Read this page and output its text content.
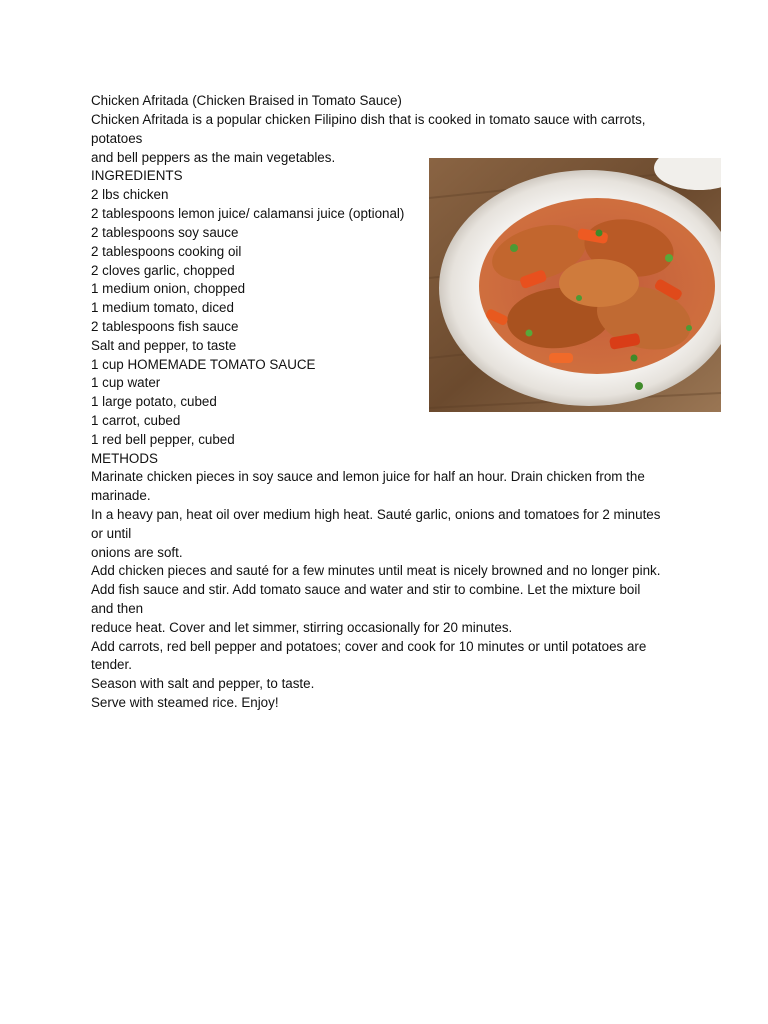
Chicken Afritada (Chicken Braised in Tomato Sauce)
Chicken Afritada is a popular chicken Filipino dish that is cooked in tomato sauce with carrots,
potatoes
and bell peppers as the main vegetables.
INGREDIENTS
2 lbs chicken
2 tablespoons lemon juice/ calamansi juice (optional)
2 tablespoons soy sauce
2 tablespoons cooking oil
2 cloves garlic, chopped
1 medium onion, chopped
1 medium tomato, diced
2 tablespoons fish sauce
Salt and pepper, to taste
1 cup HOMEMADE TOMATO SAUCE
1 cup water
1 large potato, cubed
1 carrot, cubed
1 red bell pepper, cubed
METHODS
Marinate chicken pieces in soy sauce and lemon juice for half an hour. Drain chicken from the
marinade.
In a heavy pan, heat oil over medium high heat. Sauté garlic, onions and tomatoes for 2 minutes
or until
onions are soft.
Add chicken pieces and sauté for a few minutes until meat is nicely browned and no longer pink.
Add fish sauce and stir. Add tomato sauce and water and stir to combine. Let the mixture boil
and then
reduce heat. Cover and let simmer, stirring occasionally for 20 minutes.
Add carrots, red bell pepper and potatoes; cover and cook for 10 minutes or until potatoes are
tender.
Season with salt and pepper, to taste.
Serve with steamed rice. Enjoy!
